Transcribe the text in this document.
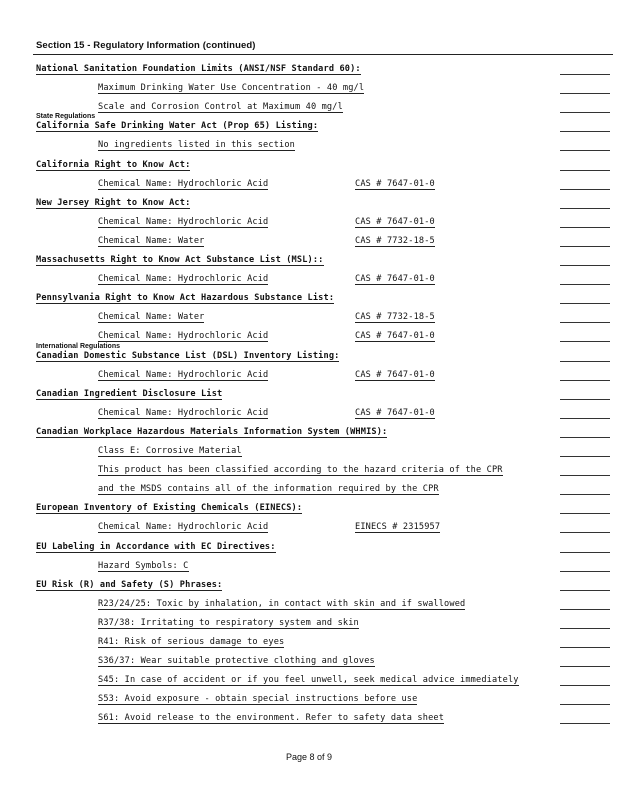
Section 15 - Regulatory Information (continued)
National Sanitation Foundation Limits (ANSI/NSF Standard 60):
Maximum Drinking Water Use Concentration - 40 mg/l
Scale and Corrosion Control at Maximum 40 mg/l
State Regulations
California Safe Drinking Water Act (Prop 65) Listing:
No ingredients listed in this section
California Right to Know Act:
Chemical Name: Hydrochloric Acid	CAS # 7647-01-0
New Jersey Right to Know Act:
Chemical Name: Hydrochloric Acid	CAS # 7647-01-0
Chemical Name: Water	CAS # 7732-18-5
Massachusetts Right to Know Act Substance List (MSL)::
Chemical Name: Hydrochloric Acid	CAS # 7647-01-0
Pennsylvania Right to Know Act Hazardous Substance List:
Chemical Name: Water	CAS # 7732-18-5
Chemical Name: Hydrochloric Acid	CAS # 7647-01-0
International Regulations
Canadian Domestic Substance List (DSL) Inventory Listing:
Chemical Name: Hydrochloric Acid	CAS # 7647-01-0
Canadian Ingredient Disclosure List
Chemical Name: Hydrochloric Acid	CAS # 7647-01-0
Canadian Workplace Hazardous Materials Information System (WHMIS):
Class E: Corrosive Material
This product has been classified according to the hazard criteria of the CPR
and the MSDS contains all of the information required by the CPR
European Inventory of Existing Chemicals (EINECS):
Chemical Name: Hydrochloric Acid	EINECS # 2315957
EU Labeling in Accordance with EC Directives:
Hazard Symbols: C
EU Risk (R) and Safety (S) Phrases:
R23/24/25: Toxic by inhalation, in contact with skin and if swallowed
R37/38: Irritating to respiratory system and skin
R41: Risk of serious damage to eyes
S36/37: Wear suitable protective clothing and gloves
S45: In case of accident or if you feel unwell, seek medical advice immediately
S53: Avoid exposure - obtain special instructions before use
S61: Avoid release to the environment. Refer to safety data sheet
Page 8 of 9
